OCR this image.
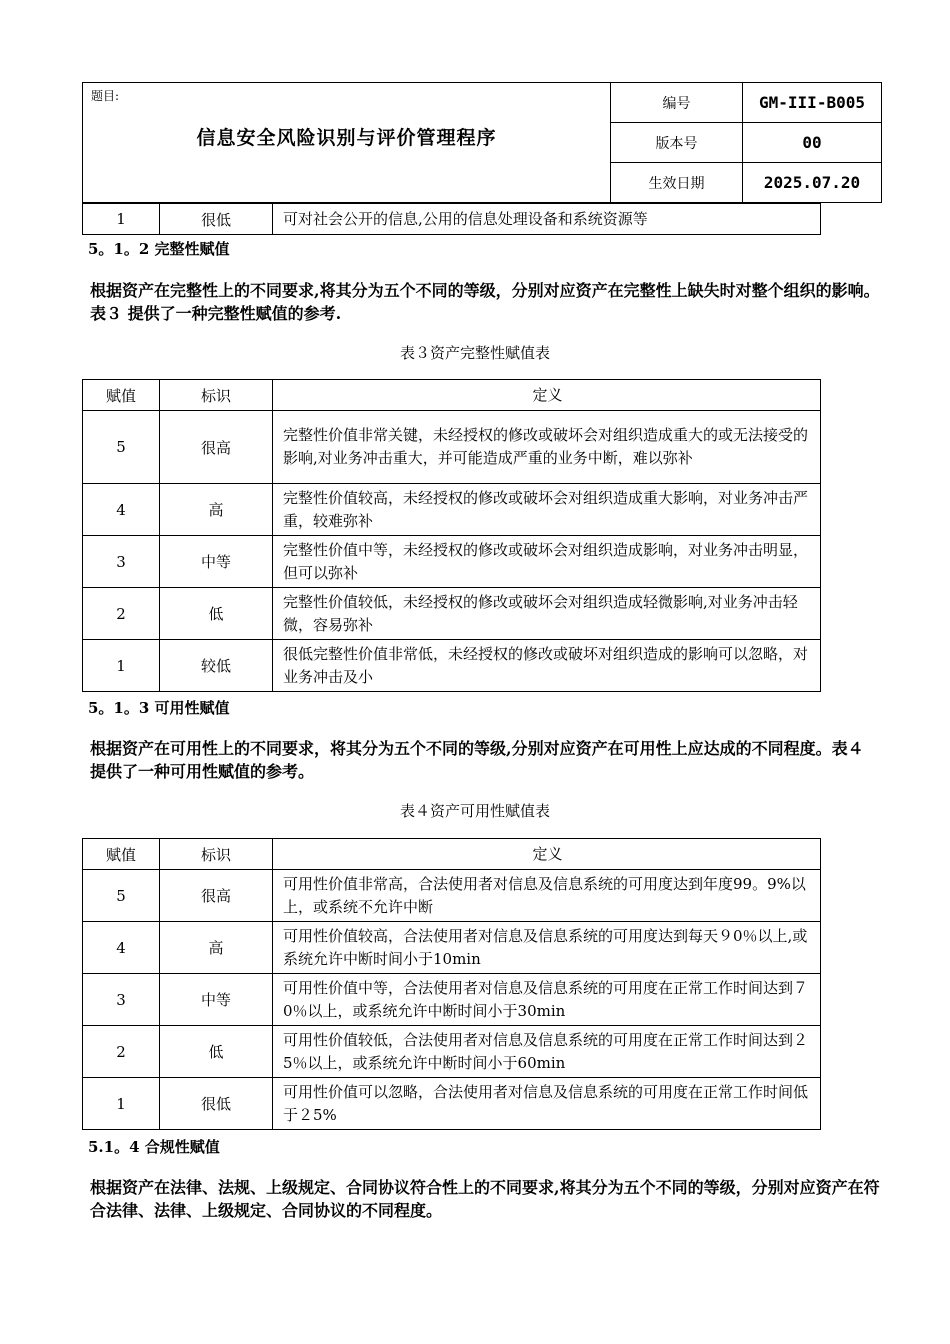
题目:
信息安全风险识别与评价管理程序
编号	GM-III-B005
版本号	00
生效日期	2025.07.20
1	很低	可对社会公开的信息,公用的信息处理设备和系统资源等
5。1。2 完整性赋值
根据资产在完整性上的不同要求,将其分为五个不同的等级，分别对应资产在完整性上缺失时对整个组织的影响。表３ 提供了一种完整性赋值的参考.
表３资产完整性赋值表
赋值	标识	定义
5	很高	完整性价值非常关键，未经授权的修改或破坏会对组织造成重大的或无法接受的影响,对业务冲击重大，并可能造成严重的业务中断，难以弥补
4	高	完整性价值较高，未经授权的修改或破坏会对组织造成重大影响，对业务冲击严重，较难弥补
3	中等	完整性价值中等，未经授权的修改或破坏会对组织造成影响，对业务冲击明显，但可以弥补
2	低	完整性价值较低，未经授权的修改或破坏会对组织造成轻微影响,对业务冲击轻微，容易弥补
1	较低	很低完整性价值非常低，未经授权的修改或破坏对组织造成的影响可以忽略，对业务冲击及小
5。1。3 可用性赋值
根据资产在可用性上的不同要求，将其分为五个不同的等级,分别对应资产在可用性上应达成的不同程度。表４ 提供了一种可用性赋值的参考。
表４资产可用性赋值表
赋值	标识	定义
5	很高	可用性价值非常高，合法使用者对信息及信息系统的可用度达到年度99。9%以上，或系统不允许中断
4	高	可用性价值较高，合法使用者对信息及信息系统的可用度达到每天９0％以上,或系统允许中断时间小于10min
3	中等	可用性价值中等，合法使用者对信息及信息系统的可用度在正常工作时间达到７0％以上，或系统允许中断时间小于30min
2	低	可用性价值较低，合法使用者对信息及信息系统的可用度在正常工作时间达到２5％以上，或系统允许中断时间小于60min
1	很低	可用性价值可以忽略，合法使用者对信息及信息系统的可用度在正常工作时间低于２5%
5.1。4 合规性赋值
根据资产在法律、法规、上级规定、合同协议符合性上的不同要求,将其分为五个不同的等级，分别对应资产在符合法律、法律、上级规定、合同协议的不同程度。
